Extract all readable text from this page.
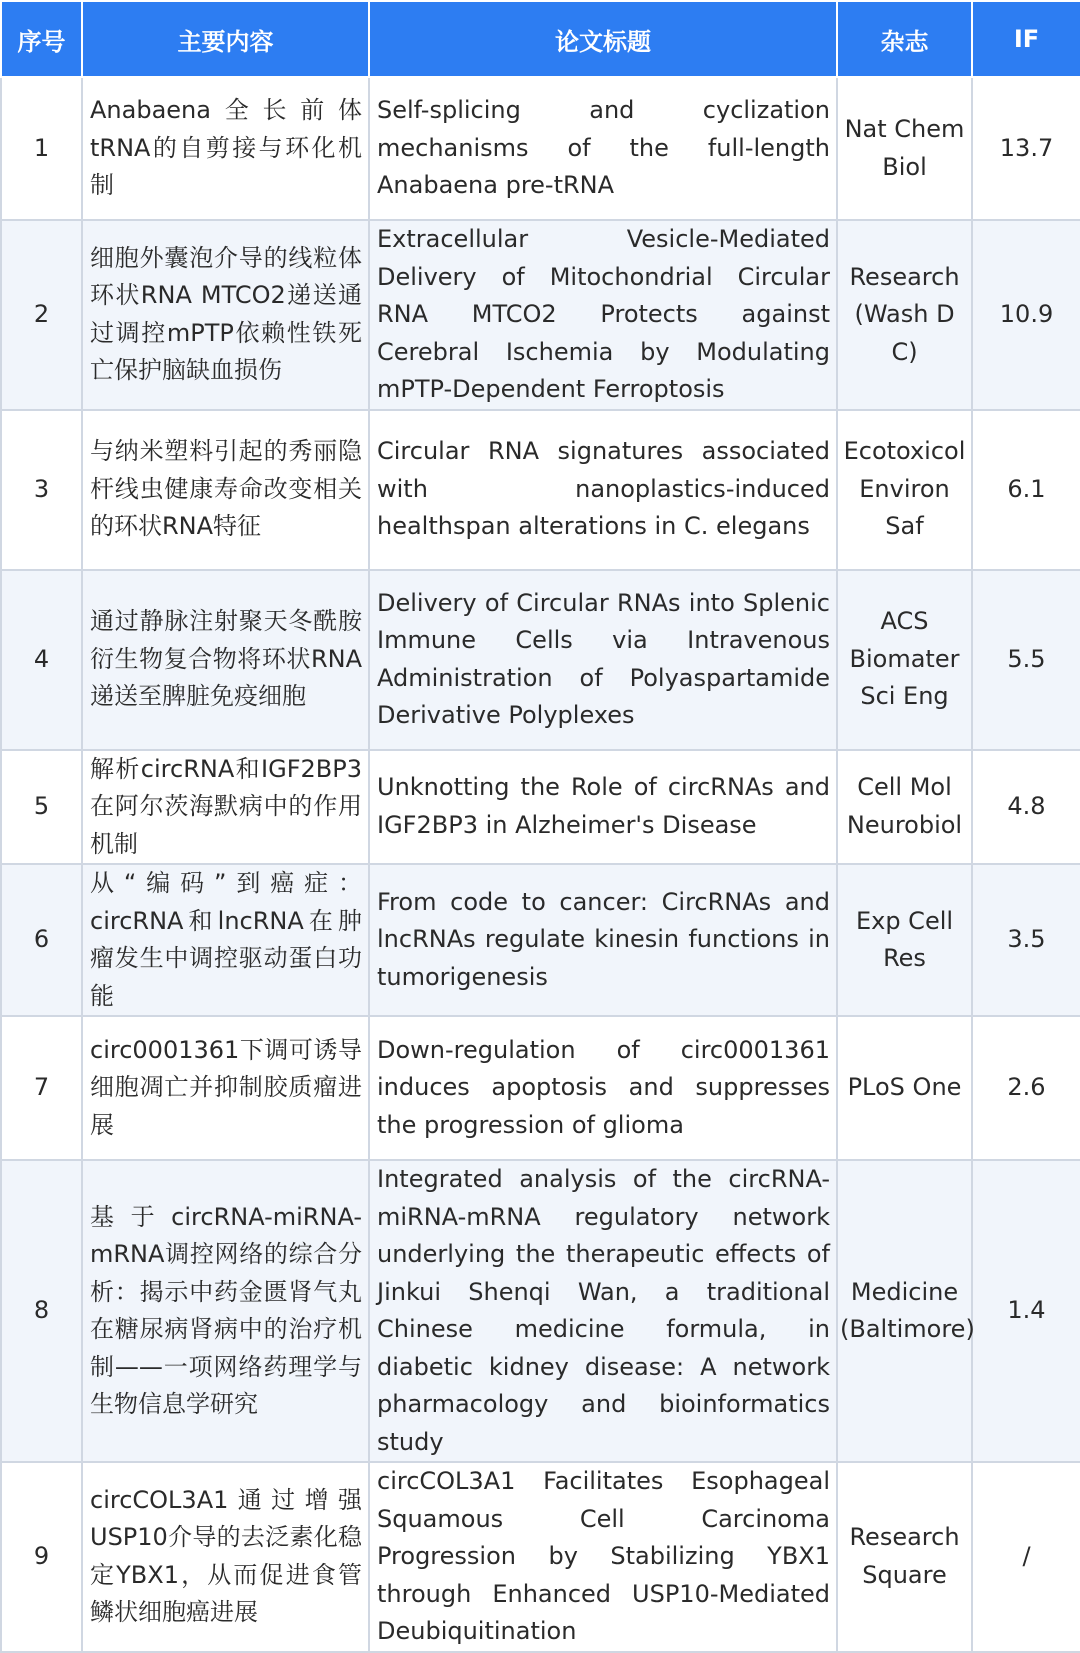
序号	主要内容	论文标题	杂志	IF
1	Anabaena全长前体tRNA的自剪接与环化机制	Self-splicing and cyclization mechanisms of the full-length Anabaena pre-tRNA	Nat Chem Biol	13.7
2	细胞外囊泡介导的线粒体环状RNA MTCO2递送通过调控mPTP依赖性铁死亡保护脑缺血损伤	Extracellular Vesicle-Mediated Delivery of Mitochondrial Circular RNA MTCO2 Protects against Cerebral Ischemia by Modulating mPTP-Dependent Ferroptosis	Research (Wash D C)	10.9
3	与纳米塑料引起的秀丽隐杆线虫健康寿命改变相关的环状RNA特征	Circular RNA signatures associated with nanoplastics-induced healthspan alterations in C. elegans	Ecotoxicol Environ Saf	6.1
4	通过静脉注射聚天冬酰胺衍生物复合物将环状RNA递送至脾脏免疫细胞	Delivery of Circular RNAs into Splenic Immune Cells via Intravenous Administration of Polyaspartamide Derivative Polyplexes	ACS Biomater Sci Eng	5.5
5	解析circRNA和IGF2BP3在阿尔茨海默病中的作用机制	Unknotting the Role of circRNAs and IGF2BP3 in Alzheimer's Disease	Cell Mol Neurobiol	4.8
6	从“编码”到癌症：circRNA和lncRNA在肿瘤发生中调控驱动蛋白功能	From code to cancer: CircRNAs and lncRNAs regulate kinesin functions in tumorigenesis	Exp Cell Res	3.5
7	circ0001361下调可诱导细胞凋亡并抑制胶质瘤进展	Down-regulation of circ0001361 induces apoptosis and suppresses the progression of glioma	PLoS One	2.6
8	基于circRNA-miRNA-mRNA调控网络的综合分析：揭示中药金匮肾气丸在糖尿病肾病中的治疗机制——一项网络药理学与生物信息学研究	Integrated analysis of the circRNA-miRNA-mRNA regulatory network underlying the therapeutic effects of Jinkui Shenqi Wan, a traditional Chinese medicine formula, in diabetic kidney disease: A network pharmacology and bioinformatics study	Medicine (Baltimore)	1.4
9	circCOL3A1通过增强USP10介导的去泛素化稳定YBX1，从而促进食管鳞状细胞癌进展	circCOL3A1 Facilitates Esophageal Squamous Cell Carcinoma Progression by Stabilizing YBX1 through Enhanced USP10-Mediated Deubiquitination	Research Square	/
